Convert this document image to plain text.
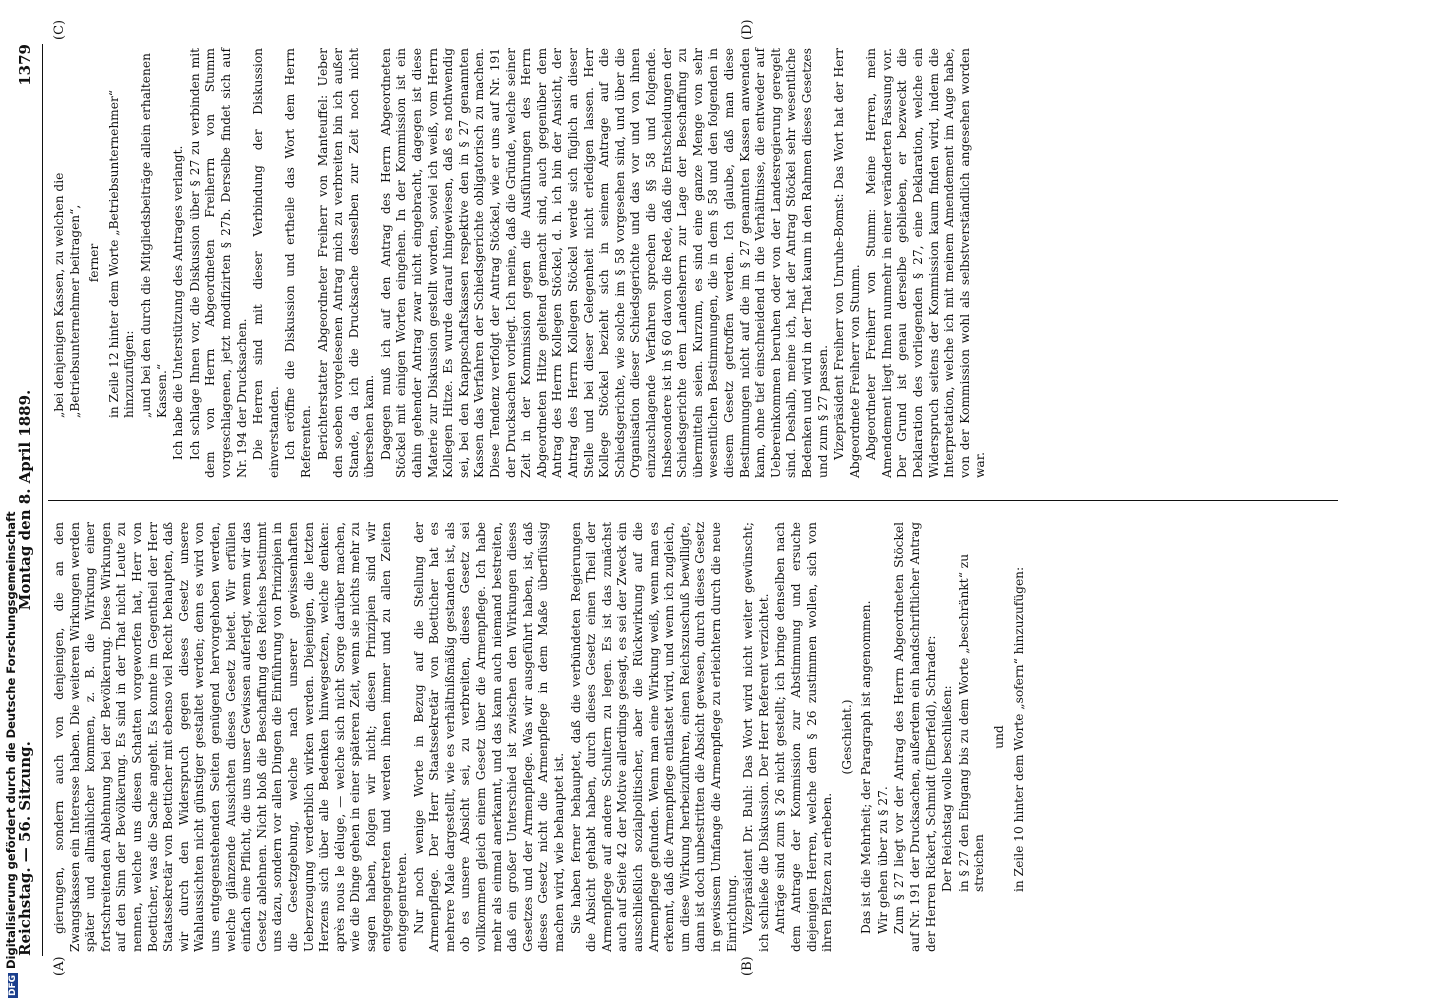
Reichstag. — 56. Sitzung.
Montag den 8. April 1889.
1379
(A)	(B)
(C)	(D)

gierungen, sondern auch von denjenigen, die an den Zwangskassen ein Interesse haben. Die weiteren Wirkungen werden später und allmählicher kommen, z. B. die Wirkung einer fortschreitenden Ablehnung bei der Bevölkerung. Diese Wirkungen auf den Sinn der Bevölkerung. Es sind in der That nicht Leute zu nennen, welche uns diesen Schatten vorgeworfen hat, Herr von Boetticher, was die Sache angeht. Es konnte im Gegentheil der Herr Staatssekretär von Boetticher mit ebenso viel Recht behaupten, daß wir durch den Widerspruch gegen dieses Gesetz unsere Wahlaussichten nicht günstiger gestaltet werden; denn es wird von uns entgegenstehenden Seiten genügend hervorgehoben werden, welche glänzende Aussichten dieses Gesetz bietet. Wir erfüllen einfach eine Pflicht, die uns unser Gewissen auferlegt, wenn wir das Gesetz ablehnen. Nicht bloß die Beschaffung des Reiches bestimmt uns dazu, sondern vor allen Dingen die Einführung von Prinzipien in die Gesetzgebung, welche nach unserer gewissenhaften Ueberzeugung verderblich wirken werden. Diejenigen, die letzten Herzens sich über alle Bedenken hinwegsetzen, welche denken: après nous le déluge, — welche sich nicht Sorge darüber machen, wie die Dinge gehen in einer späteren Zeit, wenn sie nichts mehr zu sagen haben, folgen wir nicht; diesen Prinzipien sind wir entgegengetreten und werden ihnen immer und zu allen Zeiten entgegentreten. Nur noch wenige Worte in Bezug auf die Stellung der Armenpflege. Der Herr Staatssekretär von Boetticher hat es mehrere Male dargestellt, wie es verhältnißmäßig gestanden ist, als ob es unsere Absicht sei, zu verbreiten, dieses Gesetz sei vollkommen gleich einem Gesetz über die Armenpflege. Ich habe mehr als einmal anerkannt, und das kann auch niemand bestreiten, daß ein großer Unterschied ist zwischen den Wirkungen dieses Gesetzes und der Armenpflege. Was wir ausgeführt haben, ist, daß dieses Gesetz nicht die Armenpflege in dem Maße überflüssig machen wird, wie behauptet ist. Sie haben ferner behauptet, daß die verbündeten Regierungen die Absicht gehabt haben, durch dieses Gesetz einen Theil der Armenpflege auf andere Schultern zu legen. Es ist das zunächst auch auf Seite 42 der Motive allerdings gesagt, es sei der Zweck ein ausschließlich sozialpolitischer, aber die Rückwirkung auf die Armenpflege gefunden. Wenn man eine Wirkung weiß, wenn man es erkennt, daß die Armenpflege entlastet wird, und wenn ich zugleich, um diese Wirkung herbeizuführen, einen Reichszuschuß bewilligte, dann ist doch unbestritten die Absicht gewesen, durch dieses Gesetz in gewissem Umfange die Armenpflege zu erleichtern durch die neue Einrichtung. Vizepräsident Dr. Buhl: Das Wort wird nicht weiter gewünscht; ich schließe die Diskussion. Der Herr Referent verzichtet. Anträge sind zum § 26 nicht gestellt; ich bringe denselben nach dem Antrage der Kommission zur Abstimmung und ersuche diejenigen Herren, welche dem § 26 zustimmen wollen, sich von ihren Plätzen zu erheben.

(Geschieht.) Das ist die Mehrheit; der Paragraph ist angenommen. Wir gehen über zu § 27. Zum § 27 liegt vor der Antrag des Herrn Abgeordneten Stöckel auf Nr. 191 der Drucksachen, außerdem ein handschriftlicher Antrag der Herren Rickert, Schmidt (Elberfeld), Schrader: Der Reichstag wolle beschließen: in § 27 den Eingang bis zu dem Worte „beschränkt“ zu streichen

und in Zeile 10 hinter dem Worte „sofern“ hinzuzufügen:

„bei denjenigen Kassen, zu welchen die „Betriebsunternehmer beitragen“, ferner in Zeile 12 hinter dem Worte „Betriebsunternehmer“ hinzuzufügen: „und bei den durch die Mitgliedsbeiträge allein erhaltenen Kassen.“ Ich habe die Unterstützung des Antrages verlangt. Ich schlage Ihnen vor, die Diskussion über § 27 zu verbinden mit dem von Herrn Abgeordneten Freiherrn von Stumm vorgeschlagenen, jetzt modifizirten § 27b. Derselbe findet sich auf Nr. 194 der Drucksachen. Die Herren sind mit dieser Verbindung der Diskussion einverstanden. Ich eröffne die Diskussion und ertheile das Wort dem Herrn Referenten. Berichterstatter Abgeordneter Freiherr von Manteuffel: Ueber den soeben vorgelesenen Antrag mich zu verbreiten bin ich außer Stande, da ich die Drucksache desselben zur Zeit noch nicht übersehen kann. Dagegen muß ich auf den Antrag des Herrn Abgeordneten Stöckel mit einigen Worten eingehen. In der Kommission ist ein dahin gehender Antrag zwar nicht eingebracht, dagegen ist diese Materie zur Diskussion gestellt worden, soviel ich weiß, vom Herrn Kollegen Hitze. Es wurde darauf hingewiesen, daß es nothwendig sei, bei den Knappschaftskassen respektive den in § 27 genannten Kassen das Verfahren der Schiedsgerichte obligatorisch zu machen. Diese Tendenz verfolgt der Antrag Stöckel, wie er uns auf Nr. 191 der Drucksachen vorliegt. Ich meine, daß die Gründe, welche seiner Zeit in der Kommission gegen die Ausführungen des Herrn Abgeordneten Hitze geltend gemacht sind, auch gegenüber dem Antrag des Herrn Kollegen Stöckel, d. h. ich bin der Ansicht, der Antrag des Herrn Kollegen Stöckel werde sich füglich an dieser Stelle und bei dieser Gelegenheit nicht erledigen lassen. Herr Kollege Stöckel bezieht sich in seinem Antrage auf die Schiedsgerichte, wie solche im § 58 vorgesehen sind, und über die Organisation dieser Schiedsgerichte und das vor und von ihnen einzuschlagende Verfahren sprechen die §§ 58 und folgende. Insbesondere ist in § 60 davon die Rede, daß die Entscheidungen der Schiedsgerichte dem Landesherrn zur Lage der Beschaffung zu übermitteln seien. Kurzum, es sind eine ganze Menge von sehr wesentlichen Bestimmungen, die in dem § 58 und den folgenden in diesem Gesetz getroffen werden. Ich glaube, daß man diese Bestimmungen nicht auf die im § 27 genannten Kassen anwenden kann, ohne tief einschneidend in die Verhältnisse, die entweder auf Uebereinkommen beruhen oder von der Landesregierung geregelt sind. Deshalb, meine ich, hat der Antrag Stöckel sehr wesentliche Bedenken und wird in der That kaum in den Rahmen dieses Gesetzes und zum § 27 passen. Vizepräsident Freiherr von Unruhe-Bomst: Das Wort hat der Herr Abgeordnete Freiherr von Stumm. Abgeordneter Freiherr von Stumm: Meine Herren, mein Amendement liegt Ihnen nunmehr in einer veränderten Fassung vor. Der Grund ist genau derselbe geblieben, er bezweckt die Deklaration des vorliegenden § 27, eine Deklaration, welche ein Widerspruch seitens der Kommission kaum finden wird, indem die Interpretation, welche ich mit meinem Amendement im Auge habe, von der Kommission wohl als selbstverständlich angesehen worden war.

DFGDigitalisierung gefördert durch die Deutsche Forschungsgemeinschaft
